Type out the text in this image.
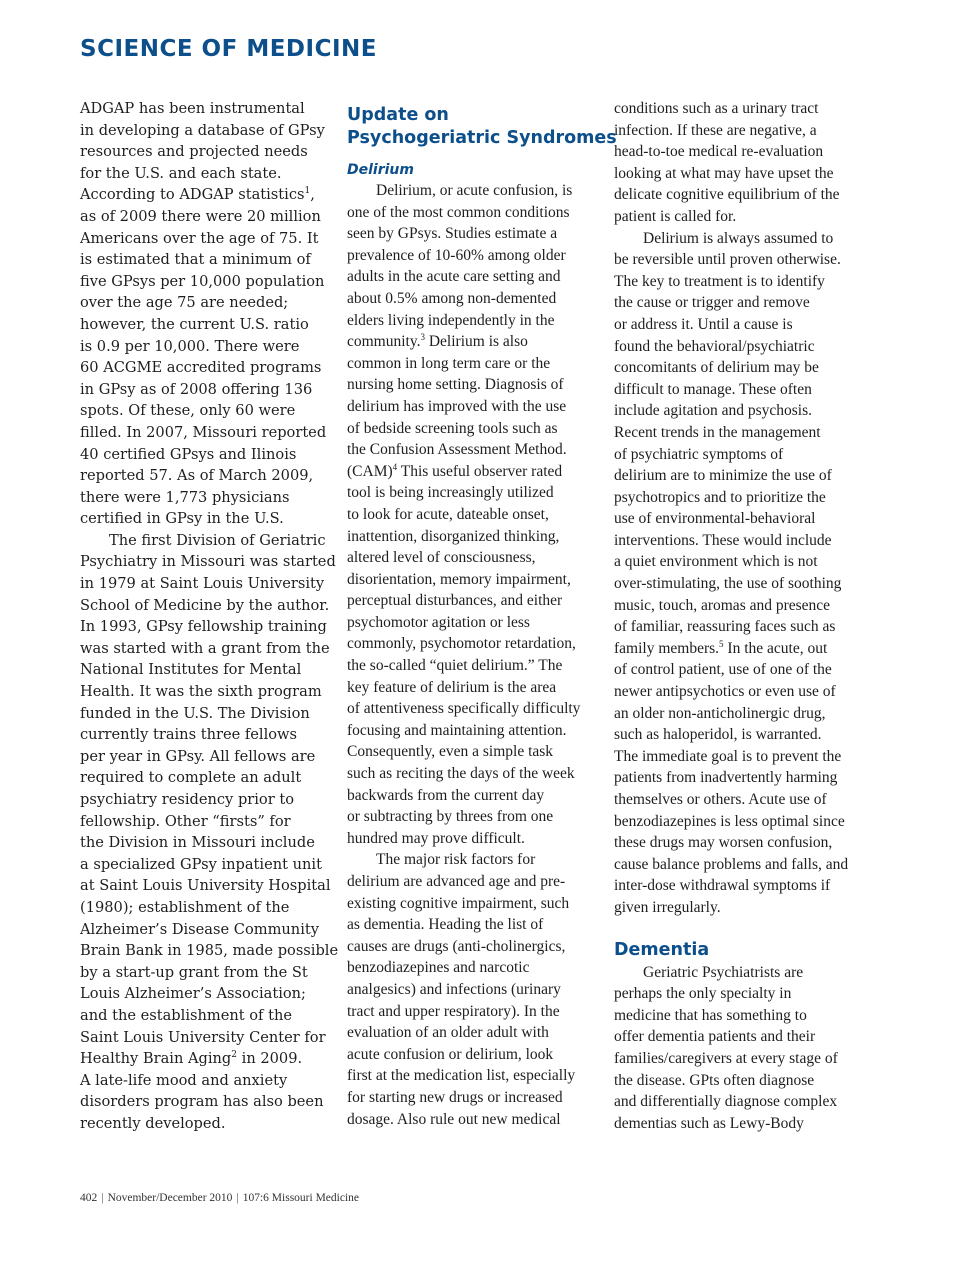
SCIENCE OF MEDICINE
ADGAP has been instrumental
in developing a database of GPsy
resources and projected needs
for the U.S. and each state.
According to ADGAP statistics$^1$,
as of 2009 there were 20 million
Americans over the age of 75. It
is estimated that a minimum of
five GPsys per 10,000 population
over the age 75 are needed;
however, the current U.S. ratio
is 0.9 per 10,000. There were
60 ACGME accredited programs
in GPsy as of 2008 offering 136
spots. Of these, only 60 were
filled. In 2007, Missouri reported
40 certified GPsys and Ilinois
reported 57. As of March 2009,
there were 1,773 physicians
certified in GPsy in the U.S.
The first Division of Geriatric
Psychiatry in Missouri was started
in 1979 at Saint Louis University
School of Medicine by the author.
In 1993, GPsy fellowship training
was started with a grant from the
National Institutes for Mental
Health. It was the sixth program
funded in the U.S. The Division
currently trains three fellows
per year in GPsy. All fellows are
required to complete an adult
psychiatry residency prior to
fellowship. Other “firsts” for
the Division in Missouri include
a specialized GPsy inpatient unit
at Saint Louis University Hospital
(1980); establishment of the
Alzheimer’s Disease Community
Brain Bank in 1985, made possible
by a start-up grant from the St
Louis Alzheimer’s Association;
and the establishment of the
Saint Louis University Center for
Healthy Brain Aging$^2$ in 2009.
A late-life mood and anxiety
disorders program has also been
recently developed.
Update on
Psychogeriatric Syndromes
Delirium
Delirium, or acute confusion, is
one of the most common conditions
seen by GPsys. Studies estimate a
prevalence of 10-60% among older
adults in the acute care setting and
about 0.5% among non-demented
elders living independently in the
community.$^3$ Delirium is also
common in long term care or the
nursing home setting. Diagnosis of
delirium has improved with the use
of bedside screening tools such as
the Confusion Assessment Method.
(CAM)$^4$ This useful observer rated
tool is being increasingly utilized
to look for acute, dateable onset,
inattention, disorganized thinking,
altered level of consciousness,
disorientation, memory impairment,
perceptual disturbances, and either
psychomotor agitation or less
commonly, psychomotor retardation,
the so-called “quiet delirium.” The
key feature of delirium is the area
of attentiveness specifically difficulty
focusing and maintaining attention.
Consequently, even a simple task
such as reciting the days of the week
backwards from the current day
or subtracting by threes from one
hundred may prove difficult.
The major risk factors for
delirium are advanced age and pre-
existing cognitive impairment, such
as dementia. Heading the list of
causes are drugs (anti-cholinergics,
benzodiazepines and narcotic
analgesics) and infections (urinary
tract and upper respiratory). In the
evaluation of an older adult with
acute confusion or delirium, look
first at the medication list, especially
for starting new drugs or increased
dosage. Also rule out new medical
conditions such as a urinary tract
infection. If these are negative, a
head-to-toe medical re-evaluation
looking at what may have upset the
delicate cognitive equilibrium of the
patient is called for.
Delirium is always assumed to
be reversible until proven otherwise.
The key to treatment is to identify
the cause or trigger and remove
or address it. Until a cause is
found the behavioral/psychiatric
concomitants of delirium may be
difficult to manage. These often
include agitation and psychosis.
Recent trends in the management
of psychiatric symptoms of
delirium are to minimize the use of
psychotropics and to prioritize the
use of environmental-behavioral
interventions. These would include
a quiet environment which is not
over-stimulating, the use of soothing
music, touch, aromas and presence
of familiar, reassuring faces such as
family members.$^5$ In the acute, out
of control patient, use of one of the
newer antipsychotics or even use of
an older non-anticholinergic drug,
such as haloperidol, is warranted.
The immediate goal is to prevent the
patients from inadvertently harming
themselves or others. Acute use of
benzodiazepines is less optimal since
these drugs may worsen confusion,
cause balance problems and falls, and
inter-dose withdrawal symptoms if
given irregularly.
Dementia
Geriatric Psychiatrists are
perhaps the only specialty in
medicine that has something to
offer dementia patients and their
families/caregivers at every stage of
the disease. GPts often diagnose
and differentially diagnose complex
dementias such as Lewy-Body
402 | November/December 2010 | 107:6 Missouri Medicine
